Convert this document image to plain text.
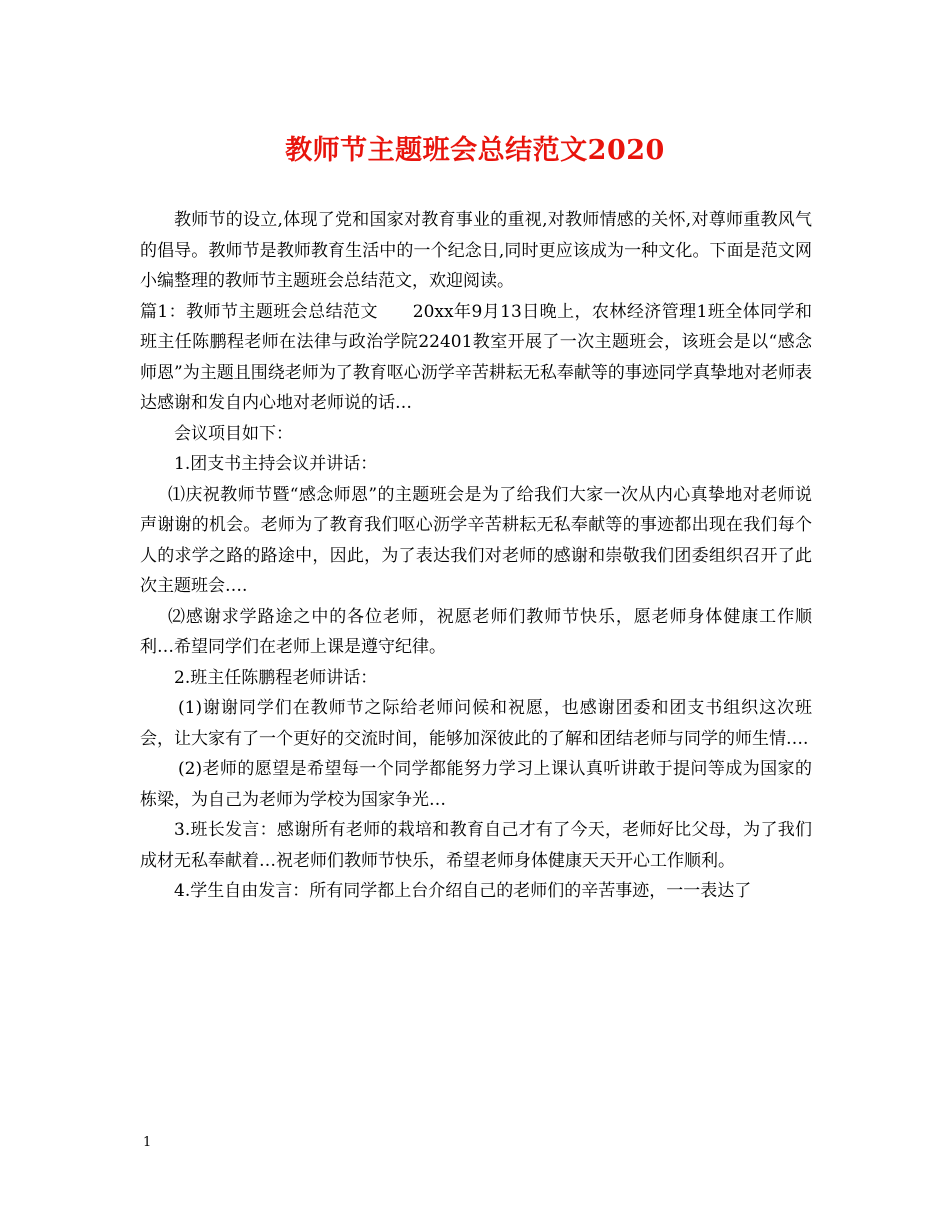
教师节主题班会总结范文2020

教师节的设立,体现了党和国家对教育事业的重视,对教师情感的关怀,对尊师重教风气的倡导。教师节是教师教育生活中的一个纪念日,同时更应该成为一种文化。下面是范文网小编整理的教师节主题班会总结范文，欢迎阅读。

篇1：教师节主题班会总结范文　　20xx年9月13日晚上，农林经济管理1班全体同学和班主任陈鹏程老师在法律与政治学院22401教室开展了一次主题班会，该班会是以“感念师恩”为主题且围绕老师为了教育呕心沥学辛苦耕耘无私奉献等的事迹同学真挚地对老师表达感谢和发自内心地对老师说的话…

会议项目如下：

1.团支书主持会议并讲话：

⑴庆祝教师节暨“感念师恩”的主题班会是为了给我们大家一次从内心真挚地对老师说声谢谢的机会。老师为了教育我们呕心沥学辛苦耕耘无私奉献等的事迹都出现在我们每个人的求学之路的路途中，因此，为了表达我们对老师的感谢和崇敬我们团委组织召开了此次主题班会….

⑵感谢求学路途之中的各位老师，祝愿老师们教师节快乐，愿老师身体健康工作顺利…希望同学们在老师上课是遵守纪律。

2.班主任陈鹏程老师讲话：

(1)谢谢同学们在教师节之际给老师问候和祝愿，也感谢团委和团支书组织这次班会，让大家有了一个更好的交流时间，能够加深彼此的了解和团结老师与同学的师生情….

(2)老师的愿望是希望每一个同学都能努力学习上课认真听讲敢于提问等成为国家的栋梁，为自己为老师为学校为国家争光…

3.班长发言：感谢所有老师的栽培和教育自己才有了今天，老师好比父母，为了我们成材无私奉献着…祝老师们教师节快乐，希望老师身体健康天天开心工作顺利。

4.学生自由发言：所有同学都上台介绍自己的老师们的辛苦事迹，一一表达了

1
